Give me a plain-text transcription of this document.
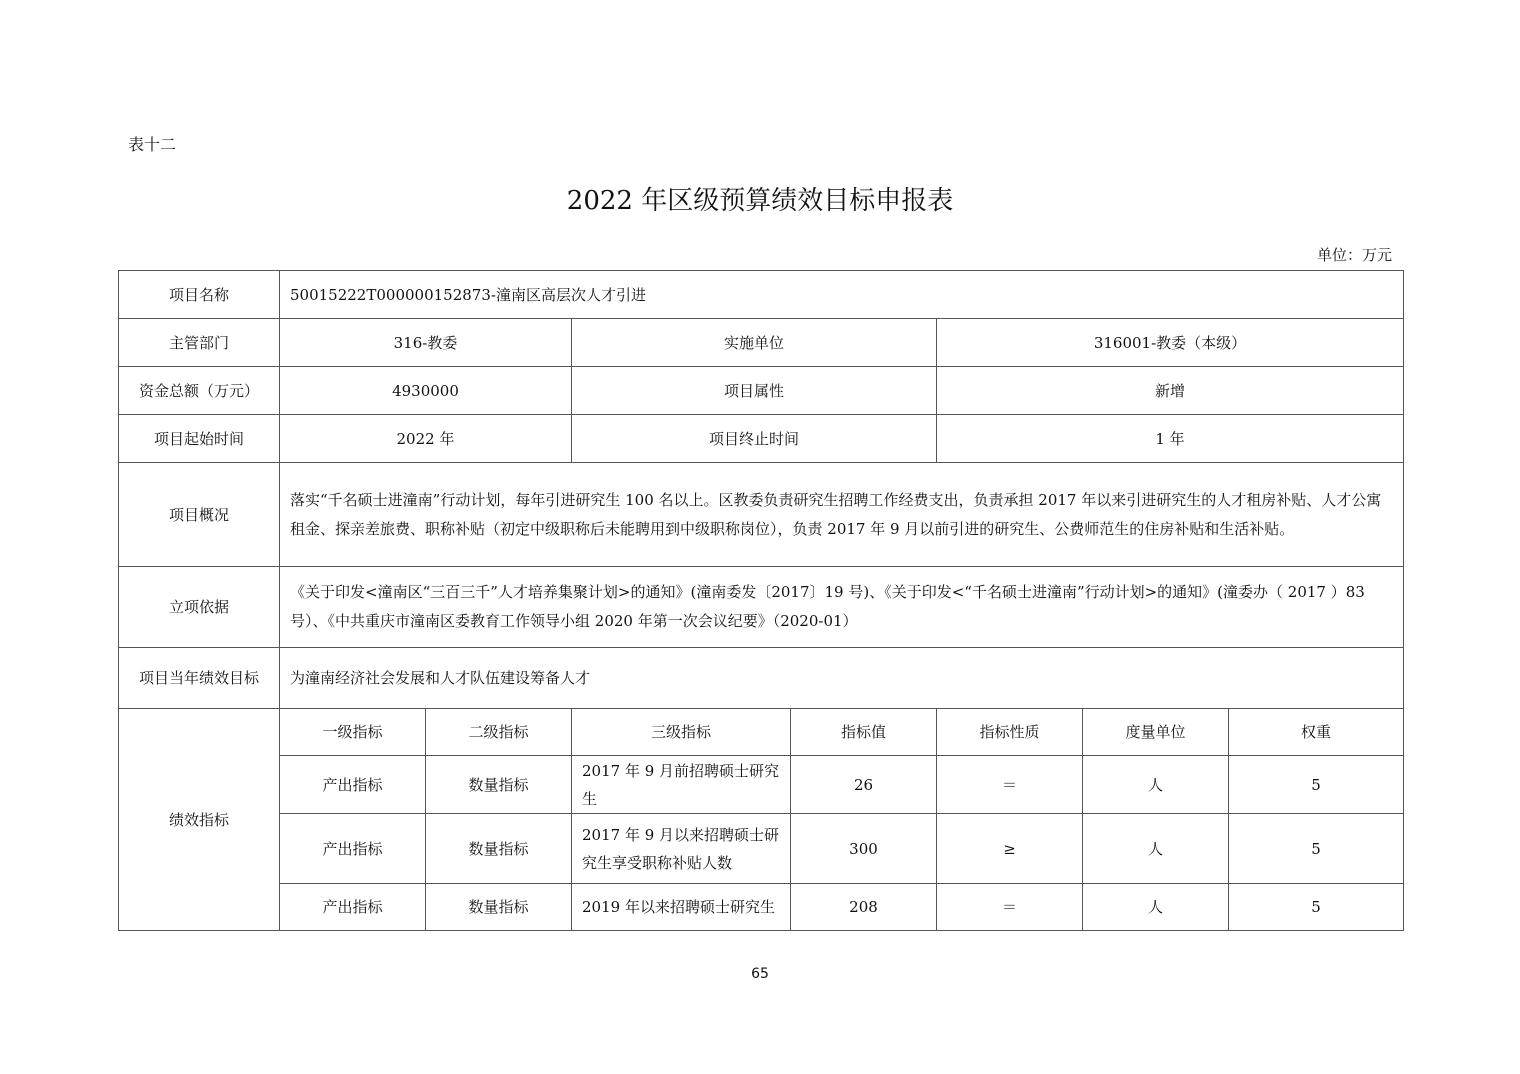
表十二
2022 年区级预算绩效目标申报表
单位：万元
项目名称	50015222T000000152873-潼南区高层次人才引进						
主管部门	316-教委		实施单位		316001-教委（本级）		
资金总额（万元）	4930000		项目属性		新增		
项目起始时间	2022 年		项目终止时间		1 年		
项目概况	落实“千名硕士进潼南”行动计划，每年引进研究生 100 名以上。区教委负责研究生招聘工作经费支出，负责承担 2017 年以来引进研究生的人才租房补贴、人才公寓租金、探亲差旅费、职称补贴（初定中级职称后未能聘用到中级职称岗位），负责 2017 年 9 月以前引进的研究生、公费师范生的住房补贴和生活补贴。						
立项依据	《关于印发<潼南区“三百三千”人才培养集聚计划>的通知》(潼南委发〔2017〕19 号)、《关于印发<“千名硕士进潼南”行动计划>的通知》(潼委办（ 2017 ）83 号）、《中共重庆市潼南区委教育工作领导小组 2020 年第一次会议纪要》（2020-01）						
项目当年绩效目标	为潼南经济社会发展和人才队伍建设筹备人才						
绩效指标	一级指标	二级指标	三级指标	指标值	指标性质	度量单位	权重
	产出指标	数量指标	2017 年 9 月前招聘硕士研究生	26	＝	人	5
	产出指标	数量指标	2017 年 9 月以来招聘硕士研究生享受职称补贴人数	300	≥	人	5
	产出指标	数量指标	2019 年以来招聘硕士研究生	208	＝	人	5
65
